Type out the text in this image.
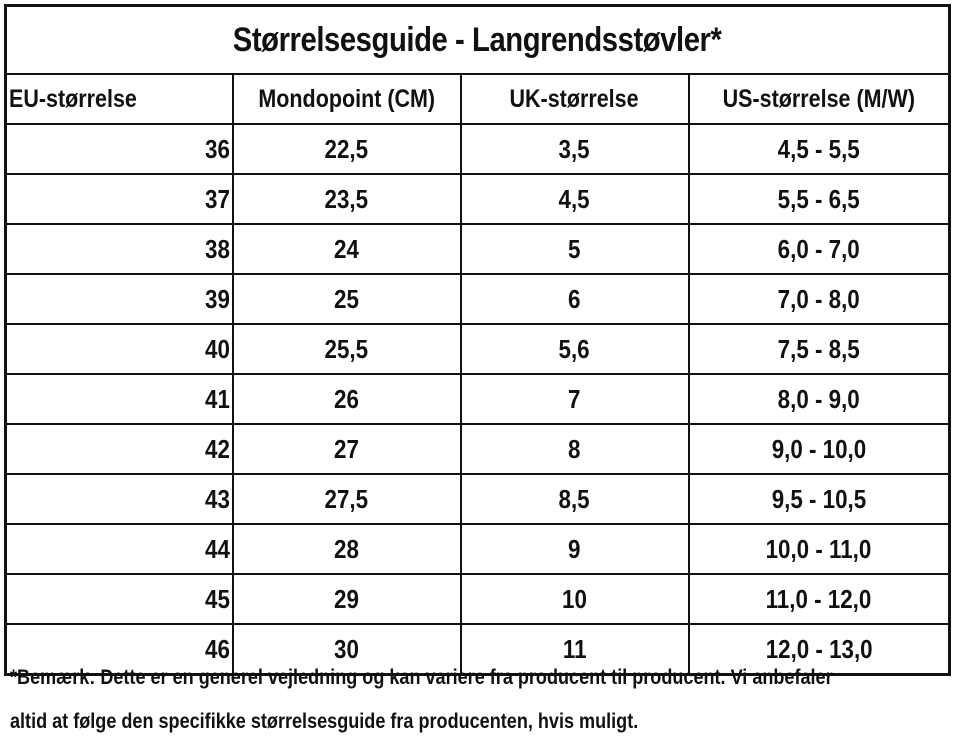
Størrelsesguide - Langrendsstøvler*			
EU-størrelse	Mondopoint (CM)	UK-størrelse	US-størrelse (M/W)
36	22,5	3,5	4,5 - 5,5
37	23,5	4,5	5,5 - 6,5
38	24	5	6,0 - 7,0
39	25	6	7,0 - 8,0
40	25,5	5,6	7,5 - 8,5
41	26	7	8,0 - 9,0
42	27	8	9,0 - 10,0
43	27,5	8,5	9,5 - 10,5
44	28	9	10,0 - 11,0
45	29	10	11,0 - 12,0
46	30	11	12,0 - 13,0
*Bemærk: Dette er en generel vejledning og kan variere fra producent til producent. Vi anbefaler
altid at følge den specifikke størrelsesguide fra producenten, hvis muligt.
